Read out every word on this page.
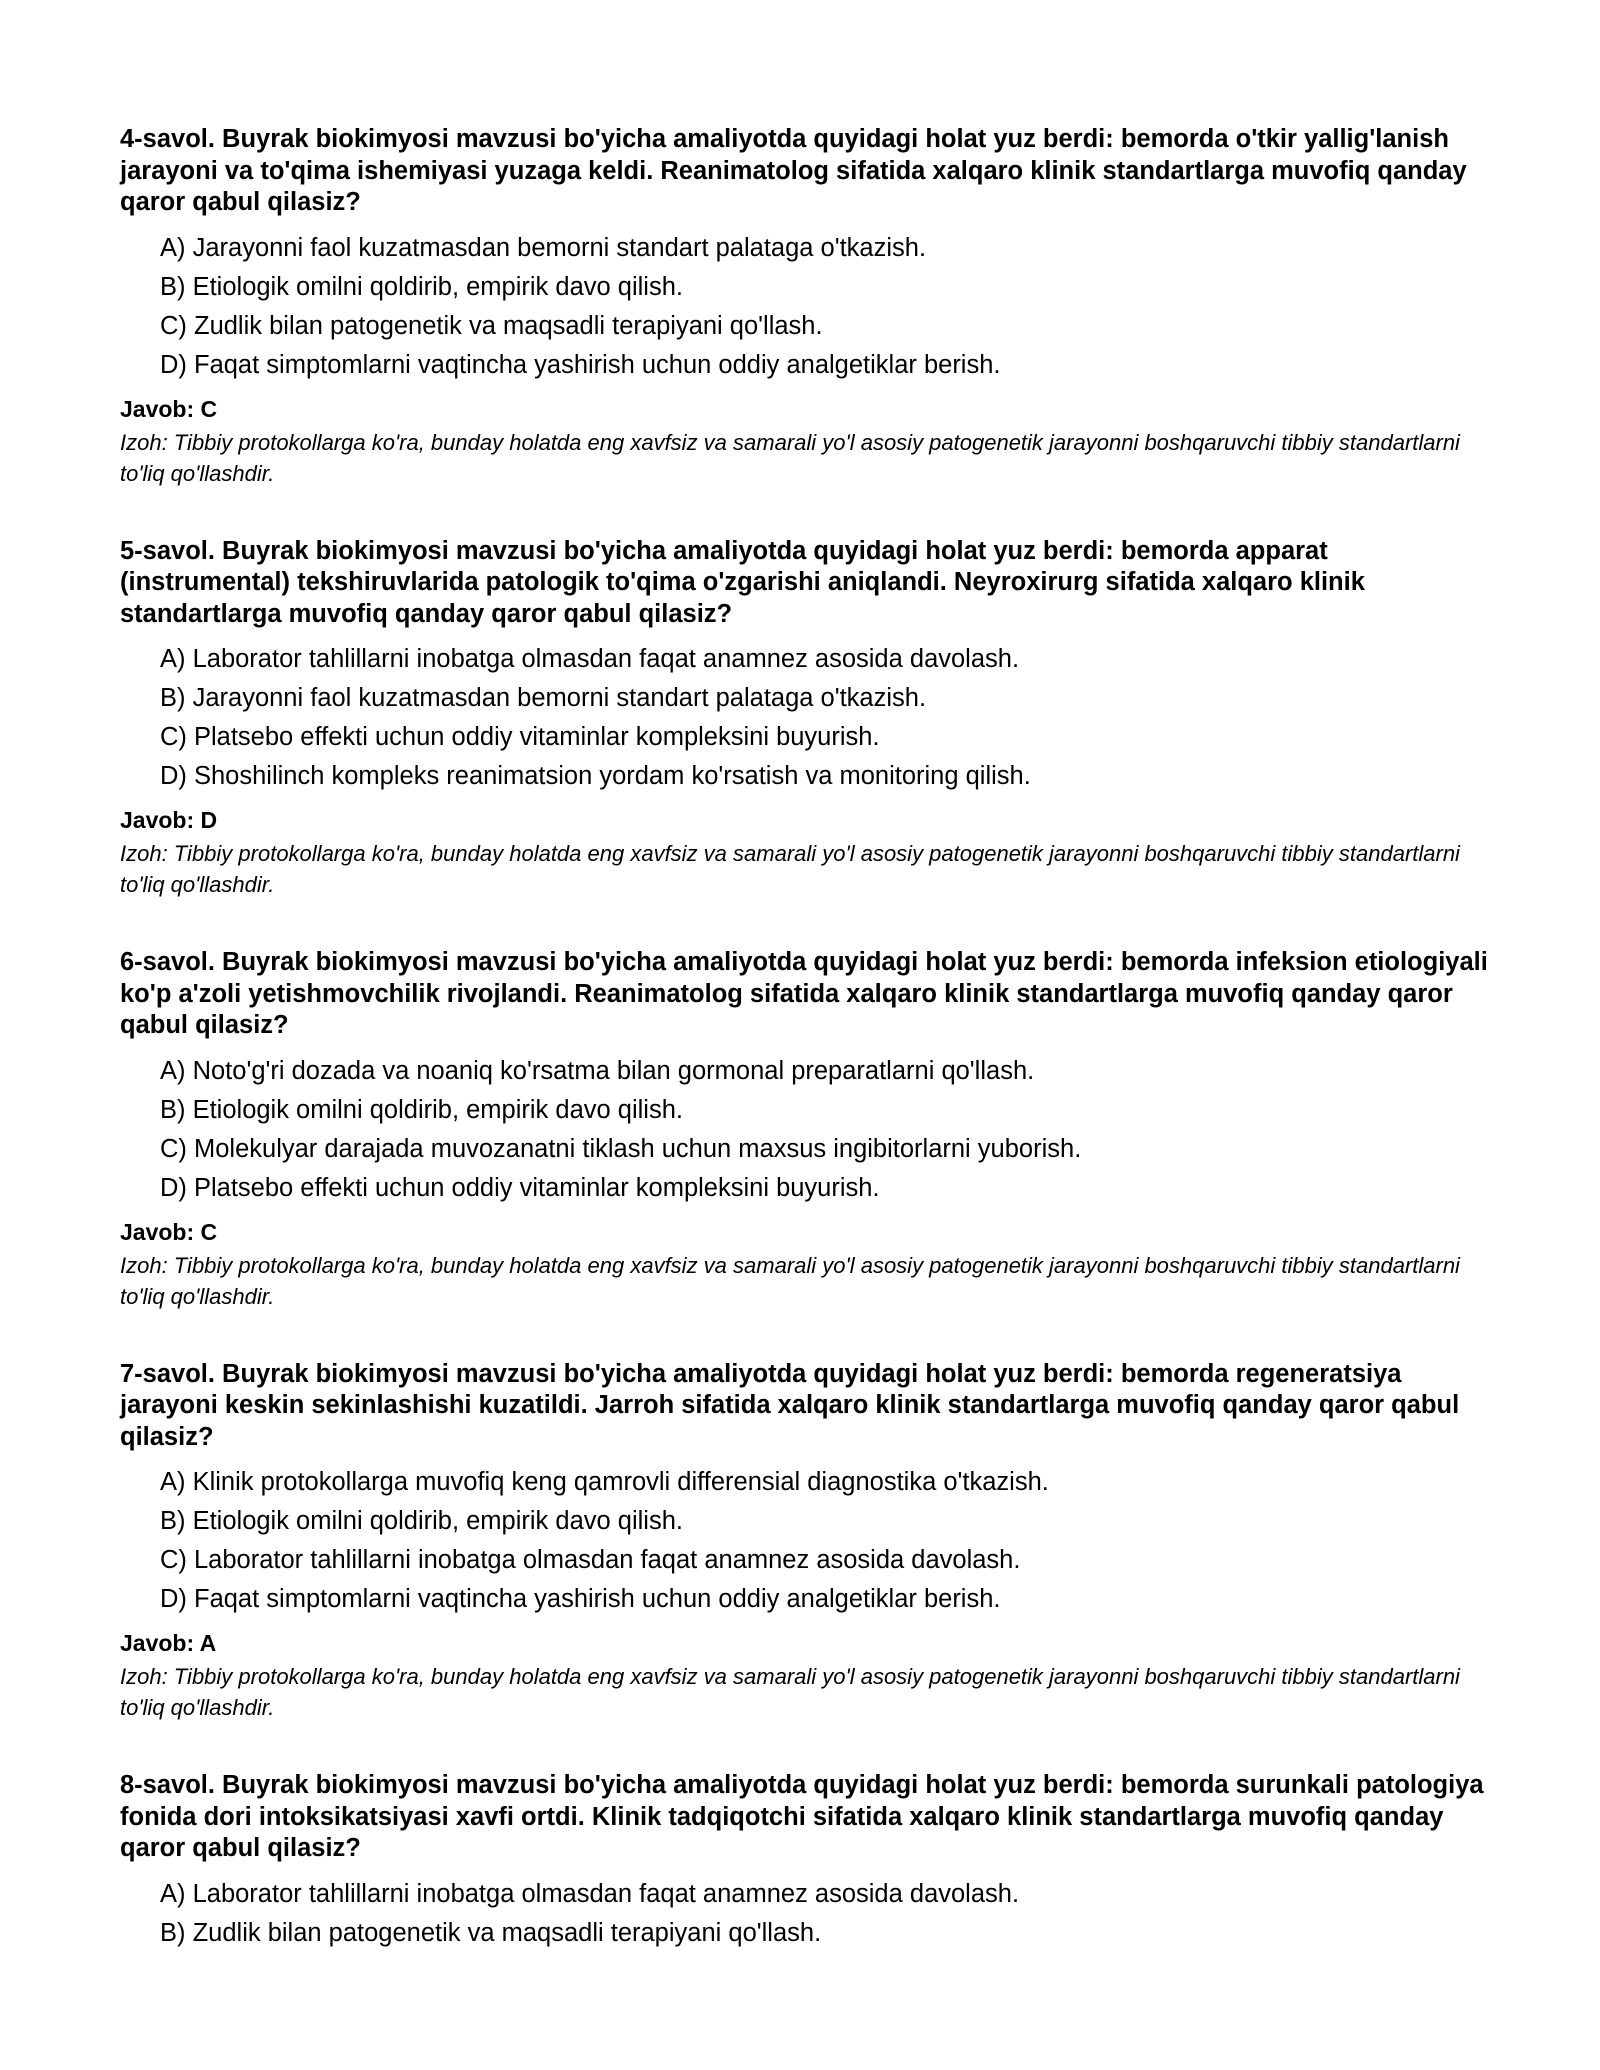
4-savol. Buyrak biokimyosi mavzusi bo'yicha amaliyotda quyidagi holat yuz berdi: bemorda o'tkir yallig'lanish jarayoni va to'qima ishemiyasi yuzaga keldi. Reanimatolog sifatida xalqaro klinik standartlarga muvofiq qanday qaror qabul qilasiz?

A) Jarayonni faol kuzatmasdan bemorni standart palataga o'tkazish.
B) Etiologik omilni qoldirib, empirik davo qilish.
C) Zudlik bilan patogenetik va maqsadli terapiyani qo'llash.
D) Faqat simptomlarni vaqtincha yashirish uchun oddiy analgetiklar berish.

Javob: C

Izoh: Tibbiy protokollarga ko'ra, bunday holatda eng xavfsiz va samarali yo'l asosiy patogenetik jarayonni boshqaruvchi tibbiy standartlarni to'liq qo'llashdir.

5-savol. Buyrak biokimyosi mavzusi bo'yicha amaliyotda quyidagi holat yuz berdi: bemorda apparat (instrumental) tekshiruvlarida patologik to'qima o'zgarishi aniqlandi. Neyroxirurg sifatida xalqaro klinik standartlarga muvofiq qanday qaror qabul qilasiz?

A) Laborator tahlillarni inobatga olmasdan faqat anamnez asosida davolash.
B) Jarayonni faol kuzatmasdan bemorni standart palataga o'tkazish.
C) Platsebo effekti uchun oddiy vitaminlar kompleksini buyurish.
D) Shoshilinch kompleks reanimatsion yordam ko'rsatish va monitoring qilish.

Javob: D

Izoh: Tibbiy protokollarga ko'ra, bunday holatda eng xavfsiz va samarali yo'l asosiy patogenetik jarayonni boshqaruvchi tibbiy standartlarni to'liq qo'llashdir.

6-savol. Buyrak biokimyosi mavzusi bo'yicha amaliyotda quyidagi holat yuz berdi: bemorda infeksion etiologiyali ko'p a'zoli yetishmovchilik rivojlandi. Reanimatolog sifatida xalqaro klinik standartlarga muvofiq qanday qaror qabul qilasiz?

A) Noto'g'ri dozada va noaniq ko'rsatma bilan gormonal preparatlarni qo'llash.
B) Etiologik omilni qoldirib, empirik davo qilish.
C) Molekulyar darajada muvozanatni tiklash uchun maxsus ingibitorlarni yuborish.
D) Platsebo effekti uchun oddiy vitaminlar kompleksini buyurish.

Javob: C

Izoh: Tibbiy protokollarga ko'ra, bunday holatda eng xavfsiz va samarali yo'l asosiy patogenetik jarayonni boshqaruvchi tibbiy standartlarni to'liq qo'llashdir.

7-savol. Buyrak biokimyosi mavzusi bo'yicha amaliyotda quyidagi holat yuz berdi: bemorda regeneratsiya jarayoni keskin sekinlashishi kuzatildi. Jarroh sifatida xalqaro klinik standartlarga muvofiq qanday qaror qabul qilasiz?

A) Klinik protokollarga muvofiq keng qamrovli differensial diagnostika o'tkazish.
B) Etiologik omilni qoldirib, empirik davo qilish.
C) Laborator tahlillarni inobatga olmasdan faqat anamnez asosida davolash.
D) Faqat simptomlarni vaqtincha yashirish uchun oddiy analgetiklar berish.

Javob: A

Izoh: Tibbiy protokollarga ko'ra, bunday holatda eng xavfsiz va samarali yo'l asosiy patogenetik jarayonni boshqaruvchi tibbiy standartlarni to'liq qo'llashdir.

8-savol. Buyrak biokimyosi mavzusi bo'yicha amaliyotda quyidagi holat yuz berdi: bemorda surunkali patologiya fonida dori intoksikatsiyasi xavfi ortdi. Klinik tadqiqotchi sifatida xalqaro klinik standartlarga muvofiq qanday qaror qabul qilasiz?

A) Laborator tahlillarni inobatga olmasdan faqat anamnez asosida davolash.
B) Zudlik bilan patogenetik va maqsadli terapiyani qo'llash.
